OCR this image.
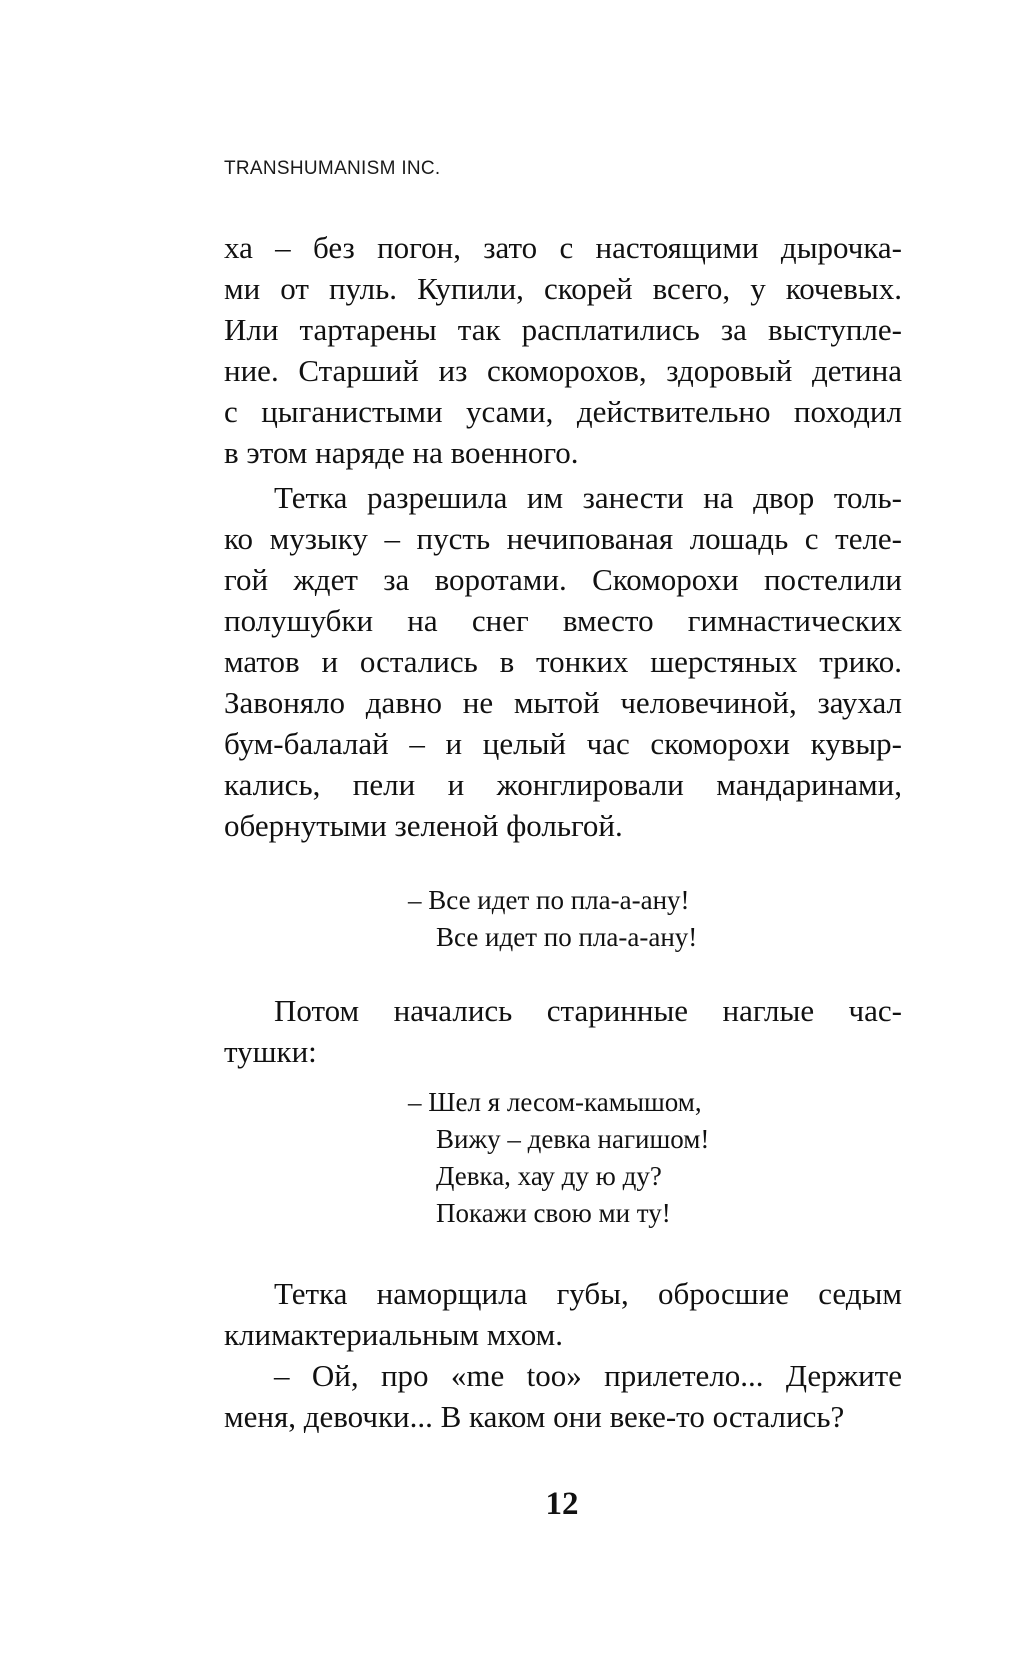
TRANSHUMANISM INC.
ха – без погон, зато с настоящими дырочка-
ми от пуль. Купили, скорей всего, у кочевых.
Или тартарены так расплатились за выступле-
ние. Старший из скоморохов, здоровый детина
с цыганистыми усами, действительно походил
в этом наряде на военного.
Тетка разрешила им занести на двор толь-
ко музыку – пусть нечипованая лошадь с теле-
гой ждет за воротами. Скоморохи постелили
полушубки на снег вместо гимнастических
матов и остались в тонких шерстяных трико.
Завоняло давно не мытой человечиной, заухал
бум-балалай – и целый час скоморохи кувыр-
кались, пели и жонглировали мандаринами,
обернутыми зеленой фольгой.
– Все идет по пла-а-ану!
Все идет по пла-а-ану!
Потом начались старинные наглые час-
тушки:
– Шел я лесом-камышом,
Вижу – девка нагишом!
Девка, хау ду ю ду?
Покажи свою ми ту!
Тетка наморщила губы, обросшие седым
климактериальным мхом.
– Ой, про «me too» прилетело... Держите
меня, девочки... В каком они веке-то остались?
12
